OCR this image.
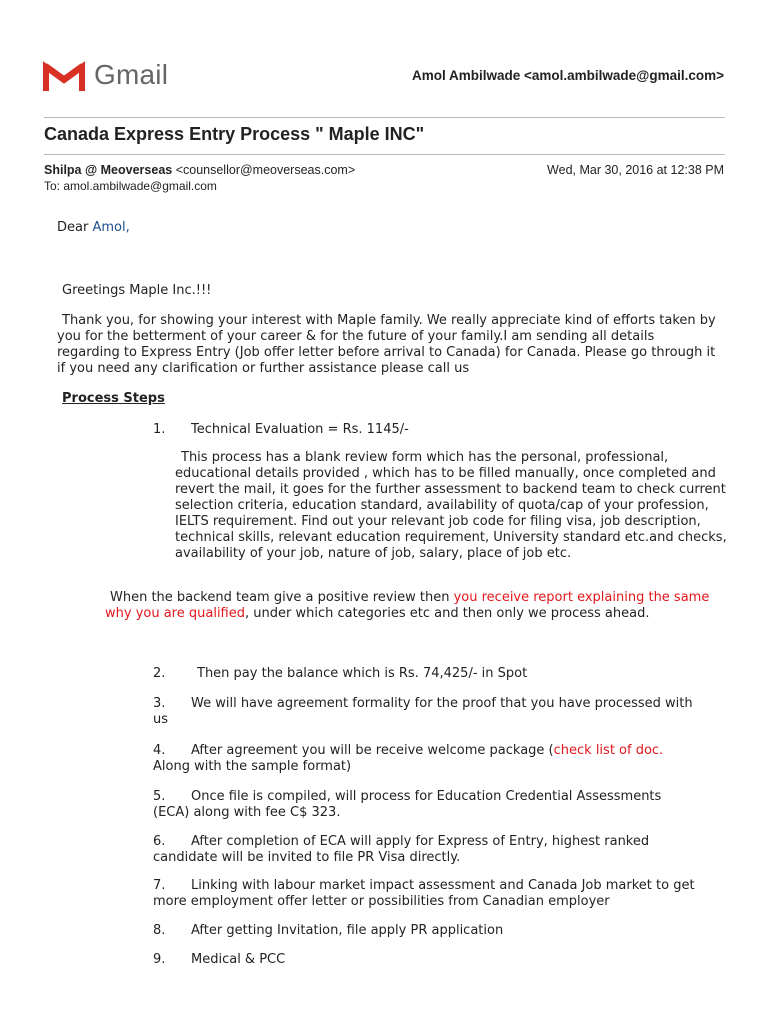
Gmail	Amol Ambilwade <amol.ambilwade@gmail.com>
Canada Express Entry Process " Maple INC"
Shilpa @ Meoverseas <counsellor@meoverseas.com>	Wed, Mar 30, 2016 at 12:38 PM
To: amol.ambilwade@gmail.com
Dear Amol,
Greetings Maple Inc.!!!
Thank you, for showing your interest with Maple family. We really appreciate kind of efforts taken by you for the betterment of your career & for the future of your family.I am sending all details regarding to Express Entry (Job offer letter before arrival to Canada) for Canada. Please go through it if you need any clarification or further assistance please call us
Process Steps
1. Technical Evaluation = Rs. 1145/-
This process has a blank review form which has the personal, professional, educational details provided , which has to be filled manually, once completed and revert the mail, it goes for the further assessment to backend team to check current selection criteria, education standard, availability of quota/cap of your profession, IELTS requirement. Find out your relevant job code for filing visa, job description, technical skills, relevant education requirement, University standard etc.and checks, availability of your job, nature of job, salary, place of job etc.
When the backend team give a positive review then you receive report explaining the same why you are qualified, under which categories etc and then only we process ahead.
2. Then pay the balance which is Rs. 74,425/- in Spot
3. We will have agreement formality for the proof that you have processed with us
4. After agreement you will be receive welcome package (check list of doc. Along with the sample format)
5. Once file is compiled, will process for Education Credential Assessments (ECA) along with fee C$ 323.
6. After completion of ECA will apply for Express of Entry, highest ranked candidate will be invited to file PR Visa directly.
7. Linking with labour market impact assessment and Canada Job market to get more employment offer letter or possibilities from Canadian employer
8. After getting Invitation, file apply PR application
9. Medical & PCC
